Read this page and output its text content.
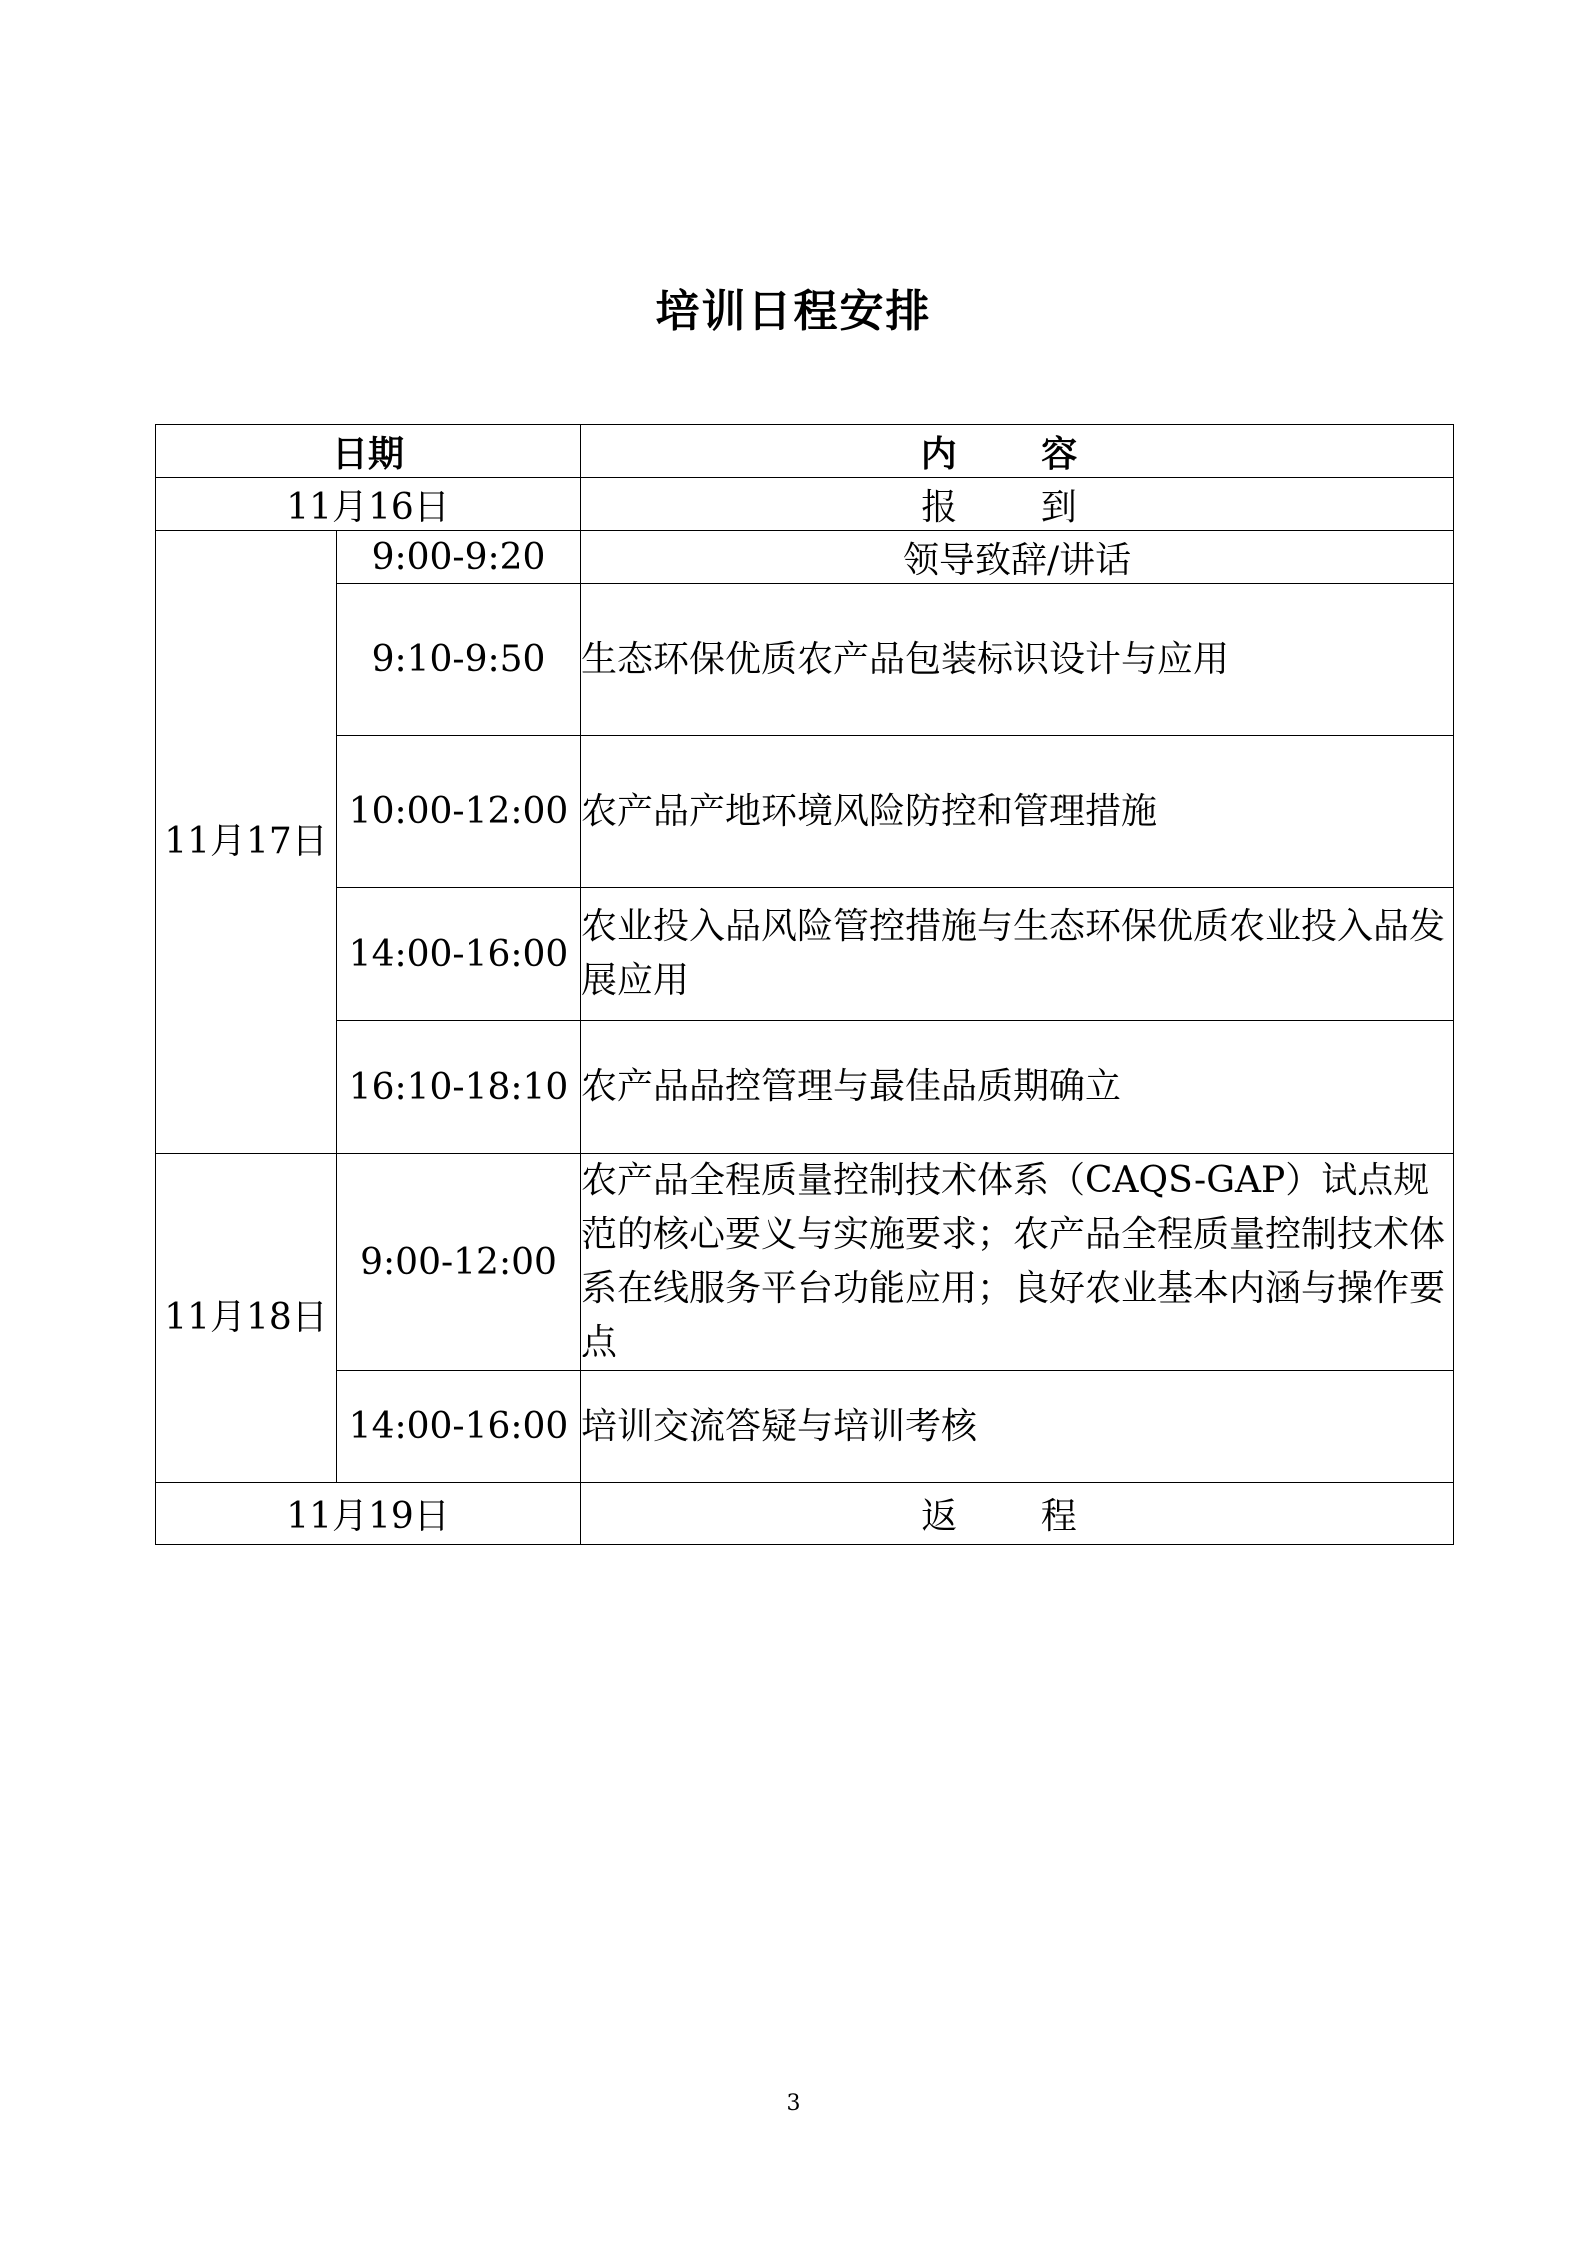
培训日程安排
日期		内 容
11月16日		报 到
11月17日	9:00-9:20	领导致辞/讲话
	9:10-9:50	生态环保优质农产品包装标识设计与应用
	10:00-12:00	农产品产地环境风险防控和管理措施
	14:00-16:00	农业投入品风险管控措施与生态环保优质农业投入品发展应用
	16:10-18:10	农产品品控管理与最佳品质期确立
11月18日	9:00-12:00	农产品全程质量控制技术体系（CAQS-GAP）试点规范的核心要义与实施要求；农产品全程质量控制技术体系在线服务平台功能应用；良好农业基本内涵与操作要点
	14:00-16:00	培训交流答疑与培训考核
11月19日		返 程
3
